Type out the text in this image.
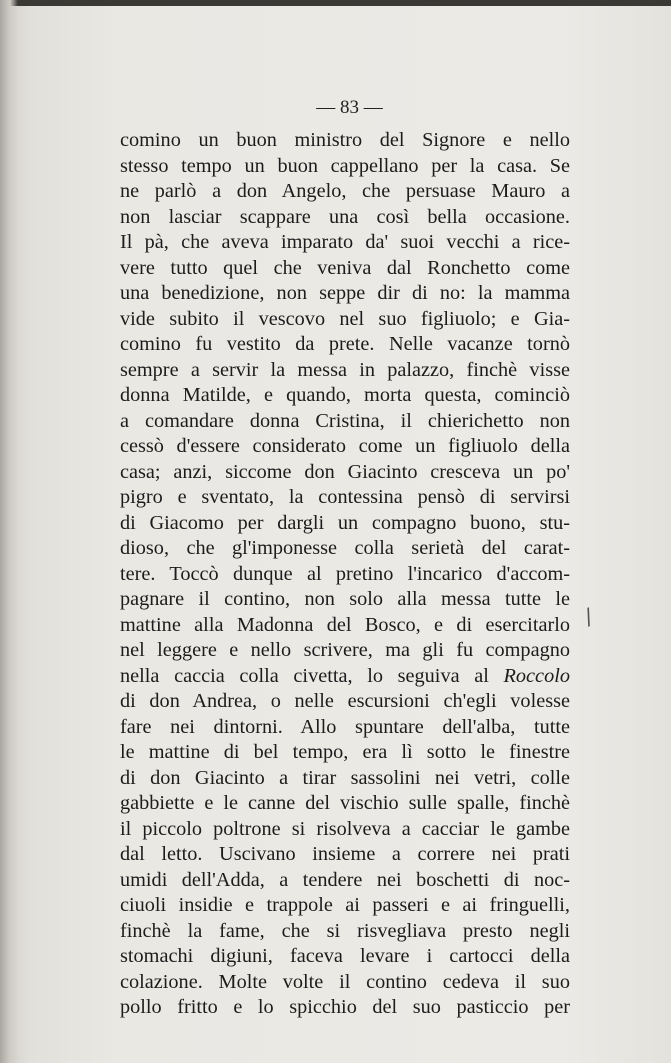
— 83 —
comino un buon ministro del Signore e nello
stesso tempo un buon cappellano per la casa. Se
ne parlò a don Angelo, che persuase Mauro a
non lasciar scappare una così bella occasione.
Il pà, che aveva imparato da' suoi vecchi a rice-
vere tutto quel che veniva dal Ronchetto come
una benedizione, non seppe dir di no: la mamma
vide subito il vescovo nel suo figliuolo; e Gia-
comino fu vestito da prete. Nelle vacanze tornò
sempre a servir la messa in palazzo, finchè visse
donna Matilde, e quando, morta questa, cominciò
a comandare donna Cristina, il chierichetto non
cessò d'essere considerato come un figliuolo della
casa; anzi, siccome don Giacinto cresceva un po'
pigro e sventato, la contessina pensò di servirsi
di Giacomo per dargli un compagno buono, stu-
dioso, che gl'imponesse colla serietà del carat-
tere. Toccò dunque al pretino l'incarico d'accom-
pagnare il contino, non solo alla messa tutte le
mattine alla Madonna del Bosco, e di esercitarlo
nel leggere e nello scrivere, ma gli fu compagno
nella caccia colla civetta, lo seguiva al Roccolo
di don Andrea, o nelle escursioni ch'egli volesse
fare nei dintorni. Allo spuntare dell'alba, tutte
le mattine di bel tempo, era lì sotto le finestre
di don Giacinto a tirar sassolini nei vetri, colle
gabbiette e le canne del vischio sulle spalle, finchè
il piccolo poltrone si risolveva a cacciar le gambe
dal letto. Uscivano insieme a correre nei prati
umidi dell'Adda, a tendere nei boschetti di noc-
ciuoli insidie e trappole ai passeri e ai fringuelli,
finchè la fame, che si risvegliava presto negli
stomachi digiuni, faceva levare i cartocci della
colazione. Molte volte il contino cedeva il suo
pollo fritto e lo spicchio del suo pasticcio per
/
